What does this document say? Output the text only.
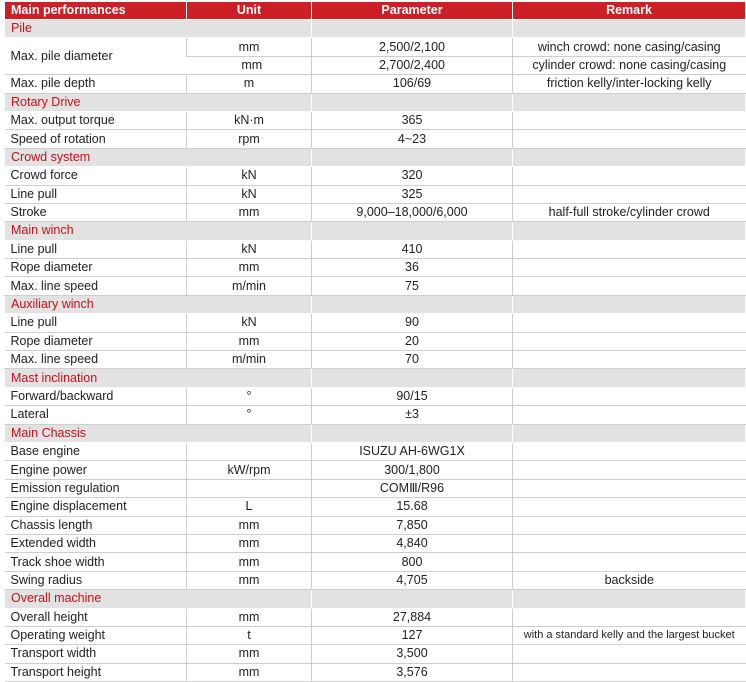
Main performances	Unit	Parameter	Remark
Pile			
Max. pile diameter	mm	2,500/2,100	winch crowd: none casing/casing
	mm	2,700/2,400	cylinder crowd: none casing/casing
Max. pile depth	m	106/69	friction kelly/inter-locking kelly
Rotary Drive			
Max. output torque	kN·m	365	
Speed of rotation	rpm	4~23	
Crowd system			
Crowd force	kN	320	
Line pull	kN	325	
Stroke	mm	9,000–18,000/6,000	half-full stroke/cylinder crowd
Main winch			
Line pull	kN	410	
Rope diameter	mm	36	
Max. line speed	m/min	75	
Auxiliary winch			
Line pull	kN	90	
Rope diameter	mm	20	
Max. line speed	m/min	70	
Mast inclination			
Forward/backward	°	90/15	
Lateral	°	±3	
Main Chassis			
Base engine		ISUZU AH-6WG1X	
Engine power	kW/rpm	300/1,800	
Emission regulation		COMⅢ/R96	
Engine displacement	L	15.68	
Chassis length	mm	7,850	
Extended width	mm	4,840	
Track shoe width	mm	800	
Swing radius	mm	4,705	backside
Overall machine			
Overall height	mm	27,884	
Operating weight	t	127	with a standard kelly and the largest bucket
Transport width	mm	3,500	
Transport height	mm	3,576	
